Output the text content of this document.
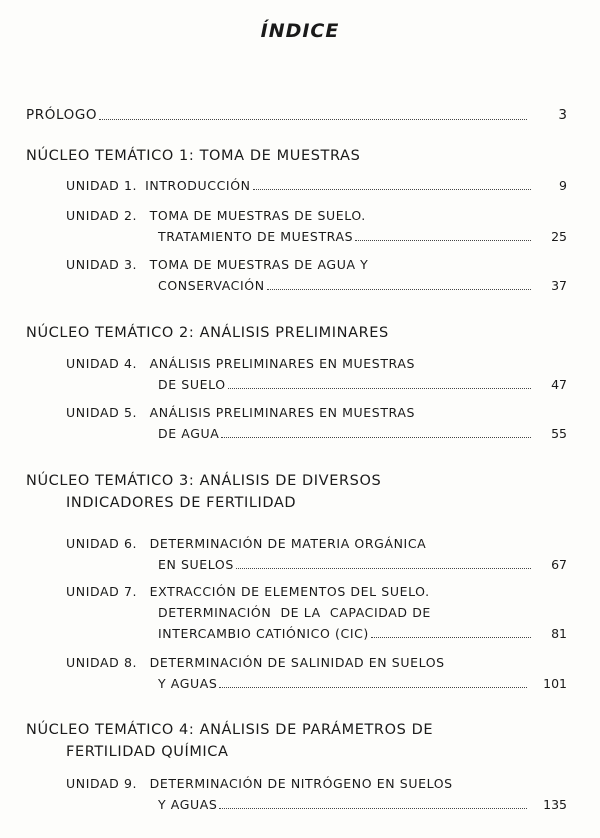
ÍNDICE
PRÓLOGO	3
NÚCLEO TEMÁTICO 1: TOMA DE MUESTRAS
UNIDAD 1. INTRODUCCIÓN	9
UNIDAD 2. TOMA DE MUESTRAS DE SUELO.
TRATAMIENTO DE MUESTRAS	25
UNIDAD 3. TOMA DE MUESTRAS DE AGUA Y
CONSERVACIÓN	37
NÚCLEO TEMÁTICO 2: ANÁLISIS PRELIMINARES
UNIDAD 4. ANÁLISIS PRELIMINARES EN MUESTRAS
DE SUELO	47
UNIDAD 5. ANÁLISIS PRELIMINARES EN MUESTRAS
DE AGUA	55
NÚCLEO TEMÁTICO 3: ANÁLISIS DE DIVERSOS
INDICADORES DE FERTILIDAD
UNIDAD 6. DETERMINACIÓN DE MATERIA ORGÁNICA
EN SUELOS	67
UNIDAD 7. EXTRACCIÓN DE ELEMENTOS DEL SUELO.
DETERMINACIÓN  DE LA  CAPACIDAD DE
INTERCAMBIO CATIÓNICO (CIC)	81
UNIDAD 8. DETERMINACIÓN DE SALINIDAD EN SUELOS
Y AGUAS	101
NÚCLEO TEMÁTICO 4: ANÁLISIS DE PARÁMETROS DE
FERTILIDAD QUÍMICA
UNIDAD 9. DETERMINACIÓN DE NITRÓGENO EN SUELOS
Y AGUAS	135
